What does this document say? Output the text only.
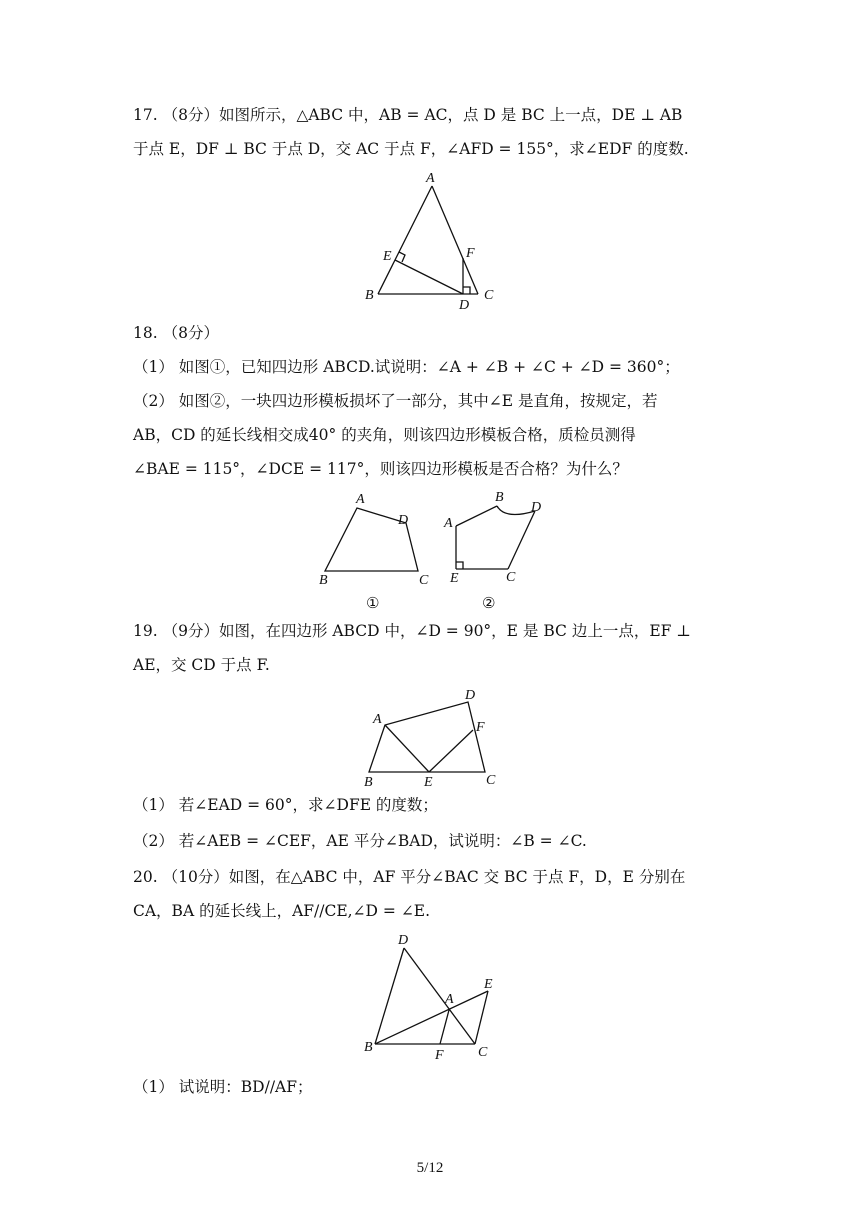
17. （8分）如图所示，△ABC 中，AB = AC，点 D 是 BC 上一点，DE ⊥ AB
于点 E，DF ⊥ BC 于点 D，交 AC 于点 F，∠AFD = 155°，求∠EDF 的度数.
A
B	C
D
E	F
18. （8分）
（1） 如图①，已知四边形 ABCD.试说明：∠A + ∠B + ∠C + ∠D = 360°；
（2） 如图②，一块四边形模板损坏了一部分，其中∠E 是直角，按规定，若
AB，CD 的延长线相交成40° 的夹角，则该四边形模板合格，质检员测得
∠BAE = 115°，∠DCE = 117°，则该四边形模板是否合格？为什么？
A
B	C
D
①
A
B
C
D
E
②
19. （9分）如图，在四边形 ABCD 中，∠D = 90°，E 是 BC 边上一点，EF ⊥
AE，交 CD 于点 F.
A
B	C
D
E
F
（1） 若∠EAD = 60°，求∠DFE 的度数；
（2） 若∠AEB = ∠CEF，AE 平分∠BAD，试说明：∠B = ∠C.
20. （10分）如图，在△ABC 中，AF 平分∠BAC 交 BC 于点 F，D，E 分别在
CA，BA 的延长线上，AF//CE,∠D = ∠E.
D
A
E
B	C
F
（1） 试说明：BD//AF；
5/12
